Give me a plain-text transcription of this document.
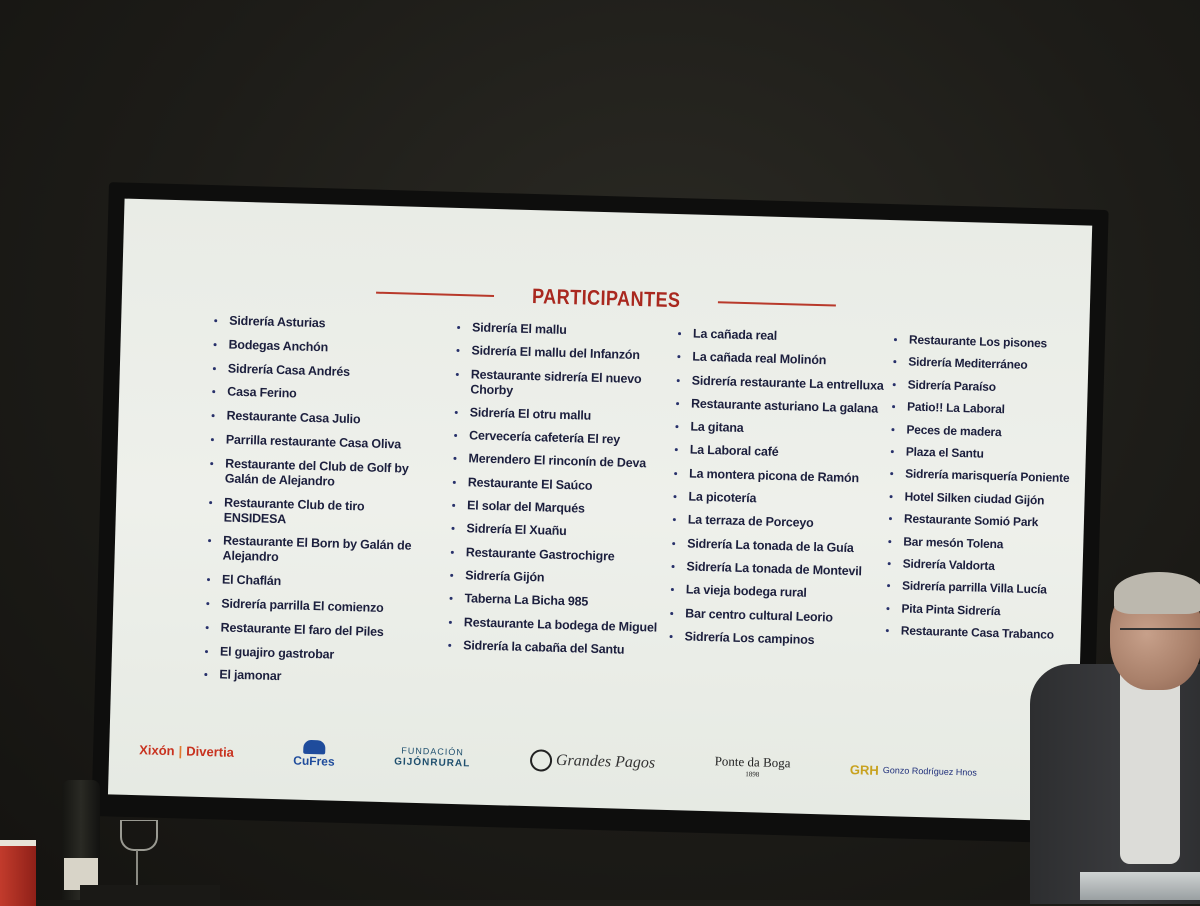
PARTICIPANTES
Sidrería Asturias
Bodegas Anchón
Sidrería Casa Andrés
Casa Ferino
Restaurante Casa Julio
Parrilla restaurante Casa Oliva
Restaurante del Club de Golf by Galán de Alejandro
Restaurante Club de tiro ENSIDESA
Restaurante El Born by Galán de Alejandro
El Chaflán
Sidrería parrilla El comienzo
Restaurante El faro del Piles
El guajiro gastrobar
El jamonar
Sidrería El mallu
Sidrería El mallu del Infanzón
Restaurante sidrería El nuevo Chorby
Sidrería El otru mallu
Cervecería cafetería El rey
Merendero El rinconín de Deva
Restaurante El Saúco
El solar del Marqués
Sidrería El Xuañu
Restaurante Gastrochigre
Sidrería Gijón
Taberna La Bicha 985
Restaurante La bodega de Miguel
Sidrería la cabaña del Santu
La cañada real
La cañada real Molinón
Sidrería restaurante La entrelluxa
Restaurante asturiano La galana
La gitana
La Laboral café
La montera picona de Ramón
La picotería
La terraza de Porceyo
Sidrería La tonada de la Guía
Sidrería La tonada de Montevil
La vieja bodega rural
Bar centro cultural Leorio
Sidrería Los campinos
Restaurante Los pisones
Sidrería Mediterráneo
Sidrería Paraíso
Patio!! La Laboral
Peces de madera
Plaza el Santu
Sidrería marisquería Poniente
Hotel Silken ciudad Gijón
Restaurante Somió Park
Bar mesón Tolena
Sidrería Valdorta
Sidrería parrilla Villa Lucía
Pita Pinta Sidrería
Restaurante Casa Trabanco
Xixón | Divertia
CuFres
FUNDACIÓN
GIJÓNRURAL	Grandes Pagos	Ponte da Boga
1898	GRH Gonzo Rodríguez Hnos
